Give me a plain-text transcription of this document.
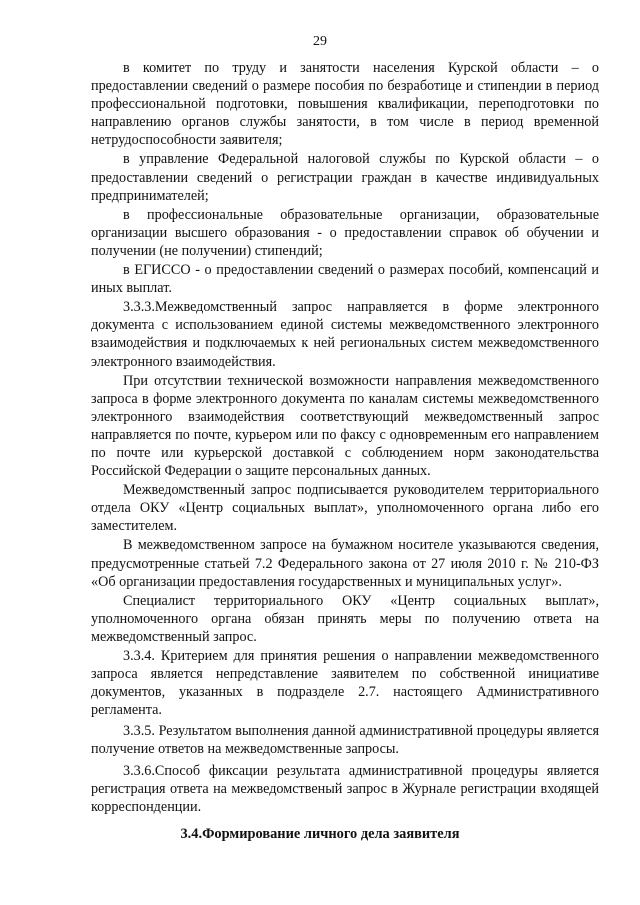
29

в комитет по труду и занятости населения Курской области – о предоставлении сведений о размере пособия по безработице и стипендии в период профессиональной подготовки, повышения квалификации, переподготовки по направлению органов службы занятости, в том числе в период временной нетрудоспособности заявителя;

в управление Федеральной налоговой службы по Курской области – о предоставлении сведений о регистрации граждан в качестве индивидуальных предпринимателей;

в профессиональные образовательные организации, образовательные организации высшего образования - о предоставлении справок об обучении и получении (не получении) стипендий;

в ЕГИССО - о предоставлении сведений о размерах пособий, компенсаций и иных выплат.

3.3.3.Межведомственный запрос направляется в форме электронного документа с использованием единой системы межведомственного электронного взаимодействия и подключаемых к ней региональных систем межведомственного электронного взаимодействия.

При отсутствии технической возможности направления межведомственного запроса в форме электронного документа по каналам системы межведомственного электронного взаимодействия соответствующий межведомственный запрос направляется по почте, курьером или по факсу с одновременным его направлением по почте или курьерской доставкой с соблюдением норм законодательства Российской Федерации о защите персональных данных.

Межведомственный запрос подписывается руководителем территориального отдела ОКУ «Центр социальных выплат», уполномоченного органа либо его заместителем.

В межведомственном запросе на бумажном носителе указываются сведения, предусмотренные статьей 7.2 Федерального закона от 27 июля 2010 г. № 210-ФЗ «Об организации предоставления государственных и муниципальных услуг».

Специалист территориального ОКУ «Центр социальных выплат», уполномоченного органа обязан принять меры по получению ответа на межведомственный запрос.

3.3.4. Критерием для принятия решения о направлении межведомственного запроса является непредставление заявителем по собственной инициативе документов, указанных в подразделе 2.7. настоящего Административного регламента.

3.3.5. Результатом выполнения данной административной процедуры является получение ответов на межведомственные запросы.

3.3.6.Способ фиксации результата административной процедуры является регистрация ответа на межведомственый запрос в Журнале регистрации входящей корреспонденции.

3.4.Формирование личного дела заявителя
